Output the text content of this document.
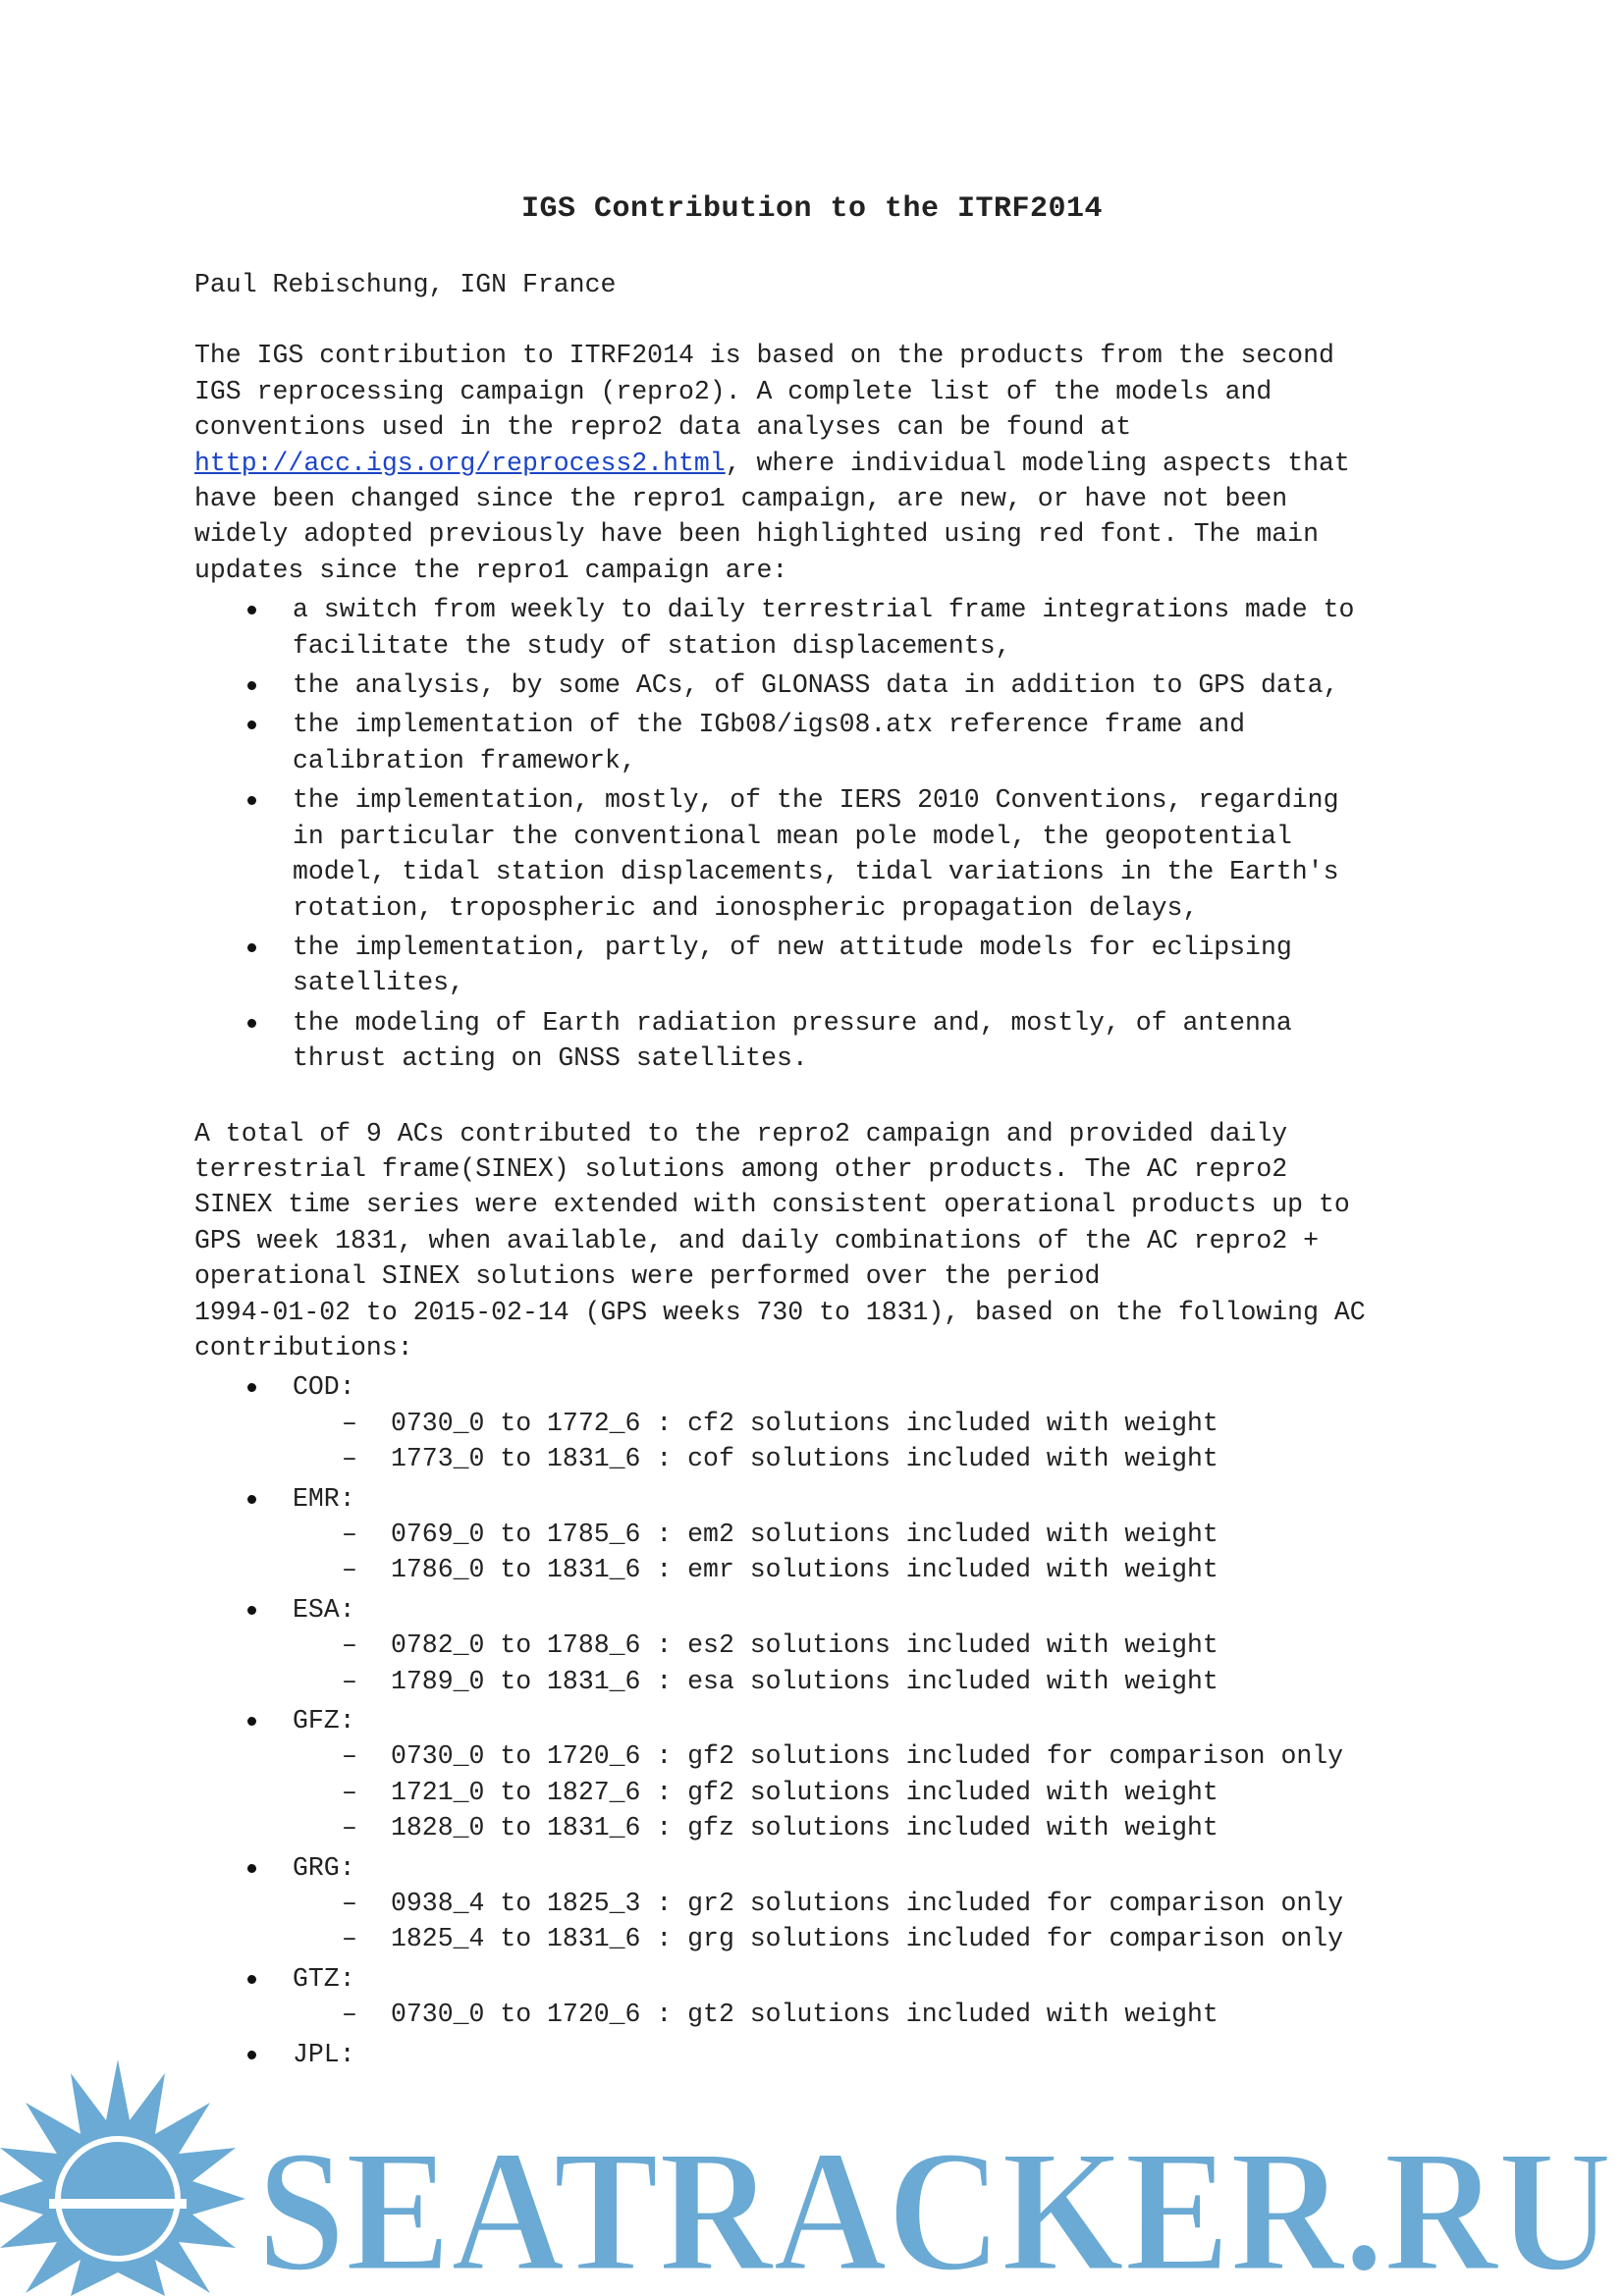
IGS Contribution to the ITRF2014
Paul Rebischung, IGN France
The IGS contribution to ITRF2014 is based on the products from the second
IGS reprocessing campaign (repro2). A complete list of the models and
conventions used in the repro2 data analyses can be found at
http://acc.igs.org/reprocess2.html, where individual modeling aspects that
have been changed since the repro1 campaign, are new, or have not been
widely adopted previously have been highlighted using red font. The main
updates since the repro1 campaign are:
a switch from weekly to daily terrestrial frame integrations made to
facilitate the study of station displacements,
the analysis, by some ACs, of GLONASS data in addition to GPS data,
the implementation of the IGb08/igs08.atx reference frame and
calibration framework,
the implementation, mostly, of the IERS 2010 Conventions, regarding
in particular the conventional mean pole model, the geopotential
model, tidal station displacements, tidal variations in the Earth's
rotation, tropospheric and ionospheric propagation delays,
the implementation, partly, of new attitude models for eclipsing
satellites,
the modeling of Earth radiation pressure and, mostly, of antenna
thrust acting on GNSS satellites.
A total of 9 ACs contributed to the repro2 campaign and provided daily
terrestrial frame(SINEX) solutions among other products. The AC repro2
SINEX time series were extended with consistent operational products up to
GPS week 1831, when available, and daily combinations of the AC repro2 +
operational SINEX solutions were performed over the period
1994-01-02 to 2015-02-14 (GPS weeks 730 to 1831), based on the following AC
contributions:
COD:
– 0730_0 to 1772_6 : cf2 solutions included with weight
– 1773_0 to 1831_6 : cof solutions included with weight
EMR:
– 0769_0 to 1785_6 : em2 solutions included with weight
– 1786_0 to 1831_6 : emr solutions included with weight
ESA:
– 0782_0 to 1788_6 : es2 solutions included with weight
– 1789_0 to 1831_6 : esa solutions included with weight
GFZ:
– 0730_0 to 1720_6 : gf2 solutions included for comparison only
– 1721_0 to 1827_6 : gf2 solutions included with weight
– 1828_0 to 1831_6 : gfz solutions included with weight
GRG:
– 0938_4 to 1825_3 : gr2 solutions included for comparison only
– 1825_4 to 1831_6 : grg solutions included for comparison only
GTZ:
– 0730_0 to 1720_6 : gt2 solutions included with weight
JPL:
SEATRACKER.RU
